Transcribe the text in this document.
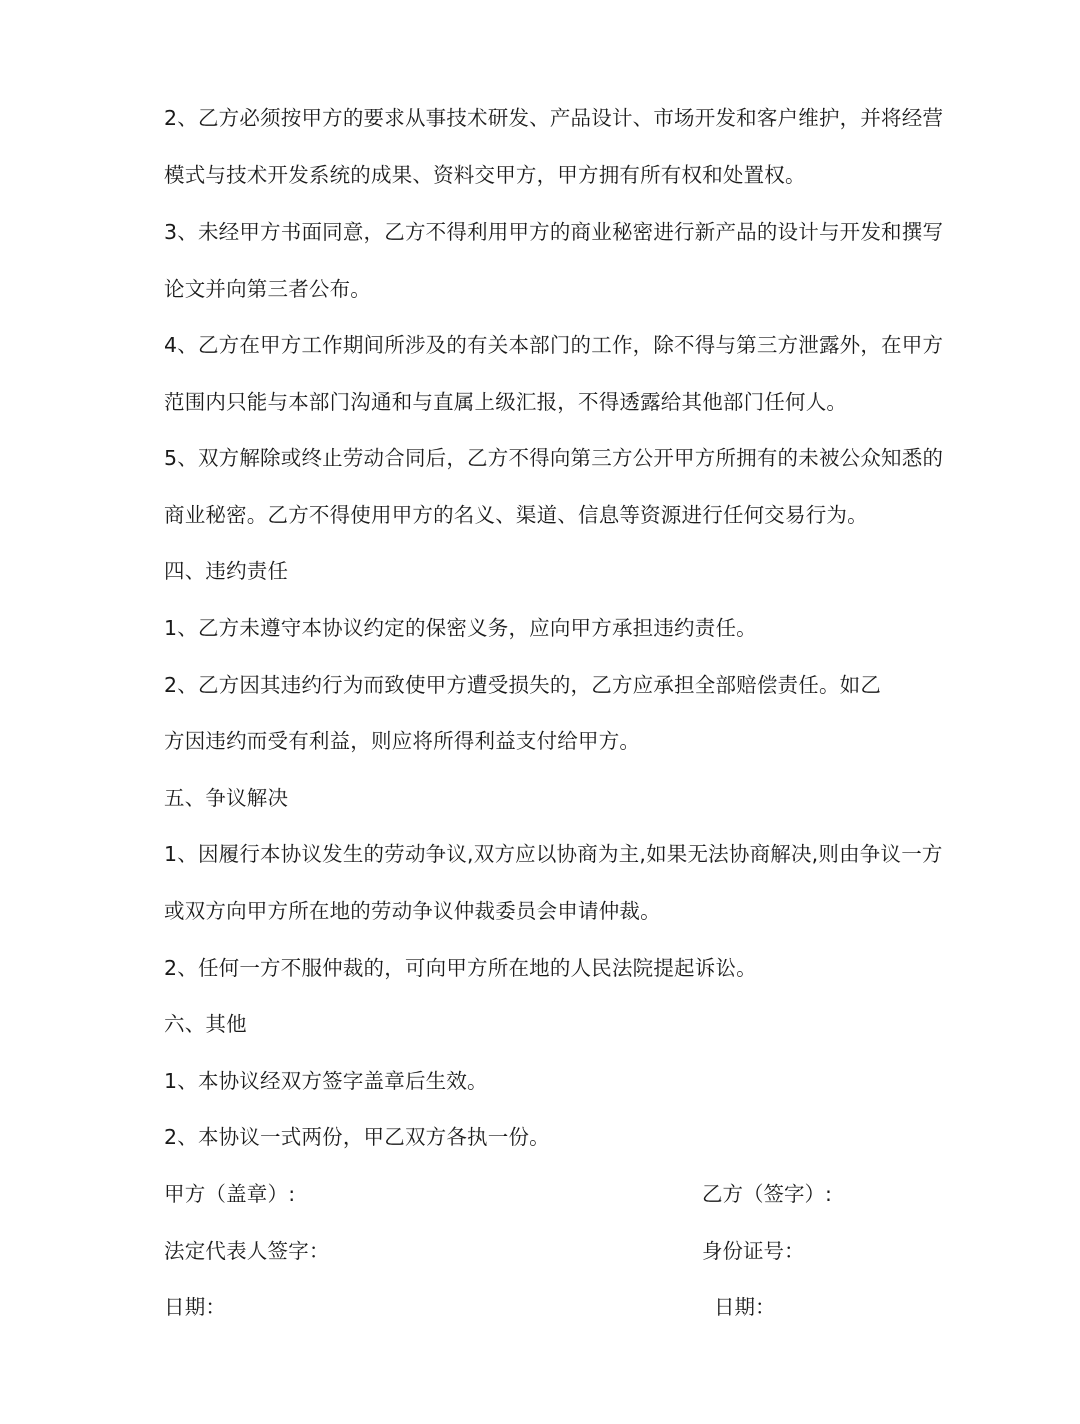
2、乙方必须按甲方的要求从事技术研发、产品设计、市场开发和客户维护，并将经营
模式与技术开发系统的成果、资料交甲方，甲方拥有所有权和处置权。
3、未经甲方书面同意，乙方不得利用甲方的商业秘密进行新产品的设计与开发和撰写
论文并向第三者公布。
4、乙方在甲方工作期间所涉及的有关本部门的工作，除不得与第三方泄露外，在甲方
范围内只能与本部门沟通和与直属上级汇报，不得透露给其他部门任何人。
5、双方解除或终止劳动合同后，乙方不得向第三方公开甲方所拥有的未被公众知悉的
商业秘密。乙方不得使用甲方的名义、渠道、信息等资源进行任何交易行为。
四、违约责任
1、乙方未遵守本协议约定的保密义务，应向甲方承担违约责任。
2、乙方因其违约行为而致使甲方遭受损失的，乙方应承担全部赔偿责任。如乙
方因违约而受有利益，则应将所得利益支付给甲方。
五、争议解决
1、因履行本协议发生的劳动争议,双方应以协商为主,如果无法协商解决,则由争议一方
或双方向甲方所在地的劳动争议仲裁委员会申请仲裁。
2、任何一方不服仲裁的，可向甲方所在地的人民法院提起诉讼。
六、其他
1、本协议经双方签字盖章后生效。
2、本协议一式两份，甲乙双方各执一份。
甲方（盖章）:	乙方（签字）:
法定代表人签字：	身份证号：
日期：	日期：
